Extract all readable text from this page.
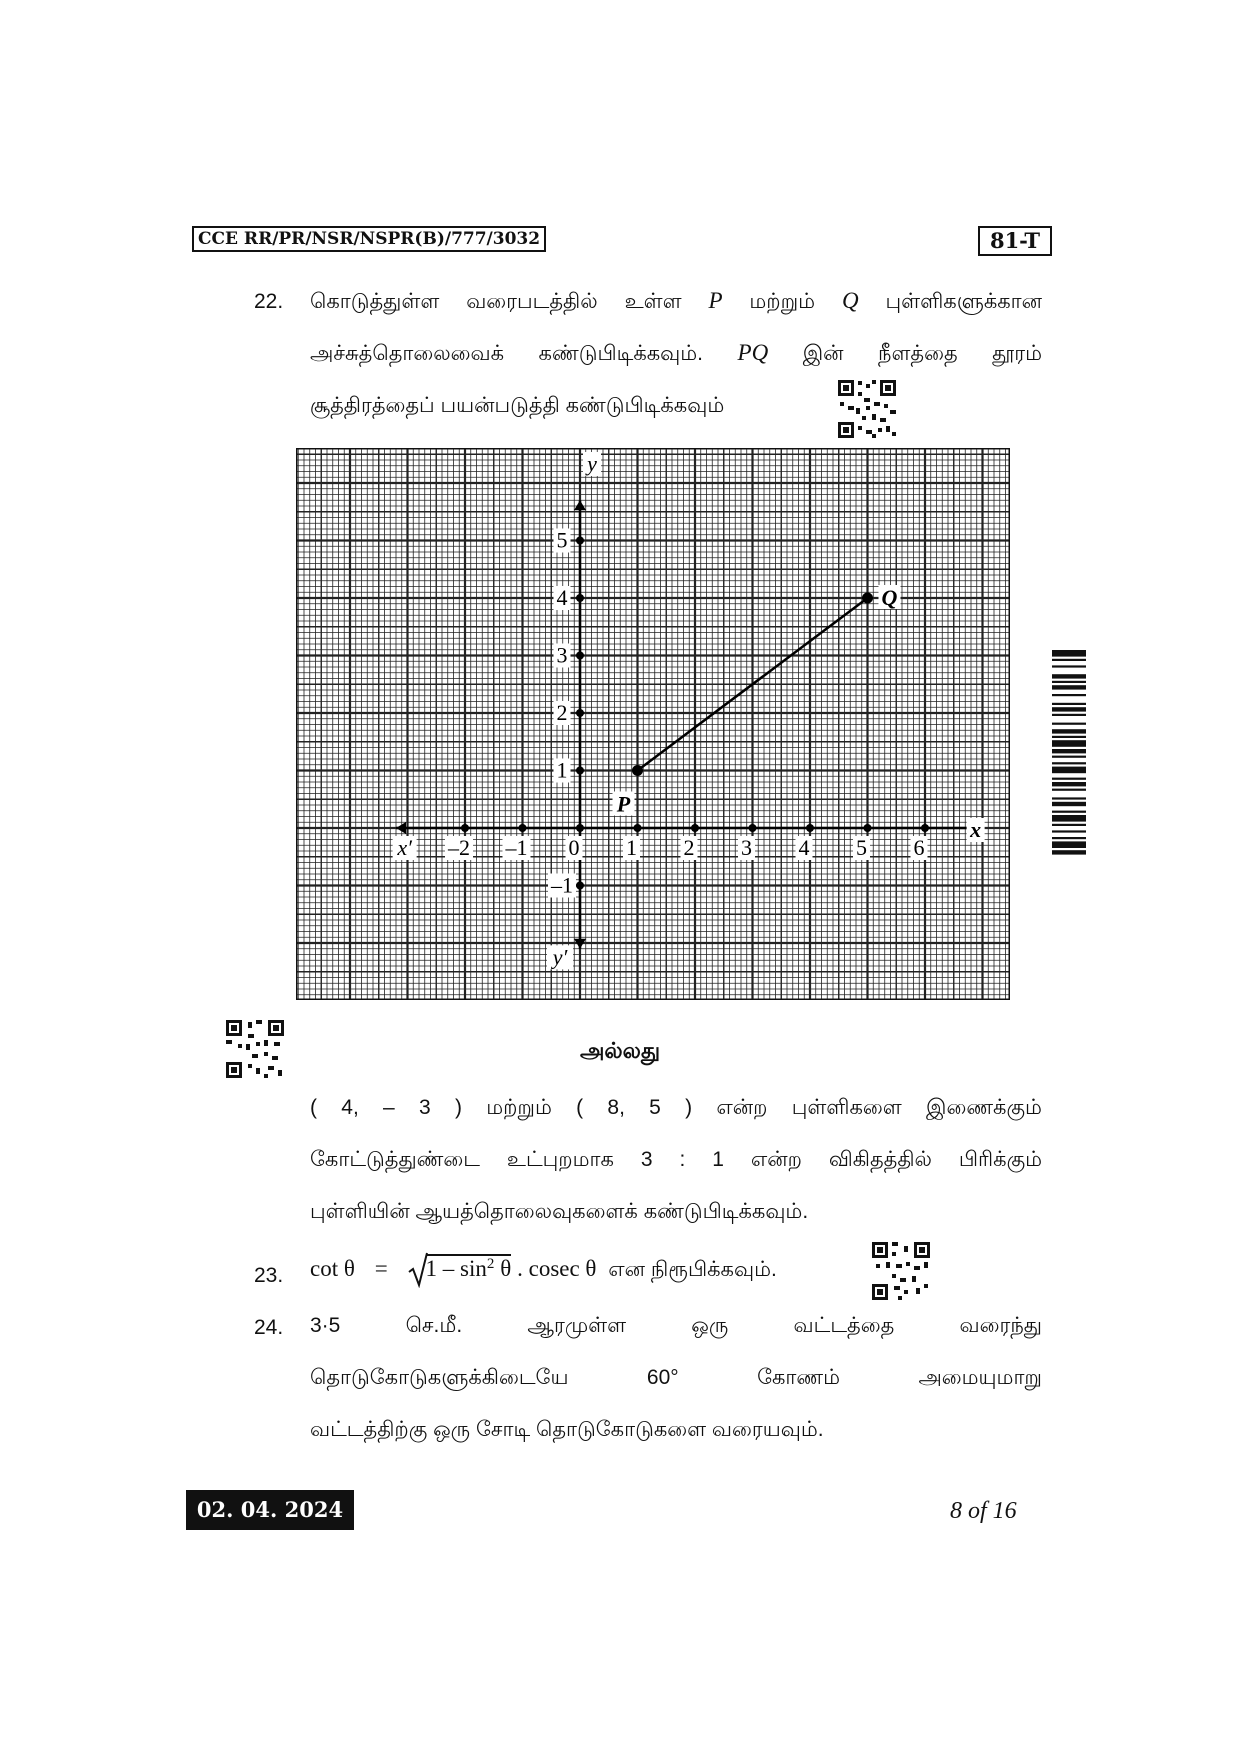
CCE RR/PR/NSR/NSPR(B)/777/3032	81-T
22. கொடுத்துள்ள வரைபடத்தில் உள்ள P மற்றும் Q புள்ளிகளுக்கான
அச்சுத்தொலைவைக் கண்டுபிடிக்கவும். PQ இன் நீளத்தை தூரம்
சூத்திரத்தைப் பயன்படுத்தி கண்டுபிடிக்கவும்
–2 –1 0 1 2 3 4 5 6
5
4
3
2
1
–1
x
x′
y
y′
P
Q
அல்லது
( 4, – 3 ) மற்றும் ( 8, 5 ) என்ற புள்ளிகளை இணைக்கும்
கோட்டுத்துண்டை உட்புறமாக 3 : 1 என்ற விகிதத்தில் பிரிக்கும்
புள்ளியின் ஆயத்தொலைவுகளைக் கண்டுபிடிக்கவும்.
23. $\cot \theta = 1 - \sin^2 \theta$ . cosec θ என நிரூபிக்கவும்.
24. 3·5	செ.மீ.	ஆரமுள்ள	ஒரு	வட்டத்தை	வரைந்து
தொடுகோடுகளுக்கிடையே	60°	கோணம்	அமையுமாறு
வட்டத்திற்கு ஒரு சோடி தொடுகோடுகளை வரையவும்.
02. 04. 2024	8 of 16
